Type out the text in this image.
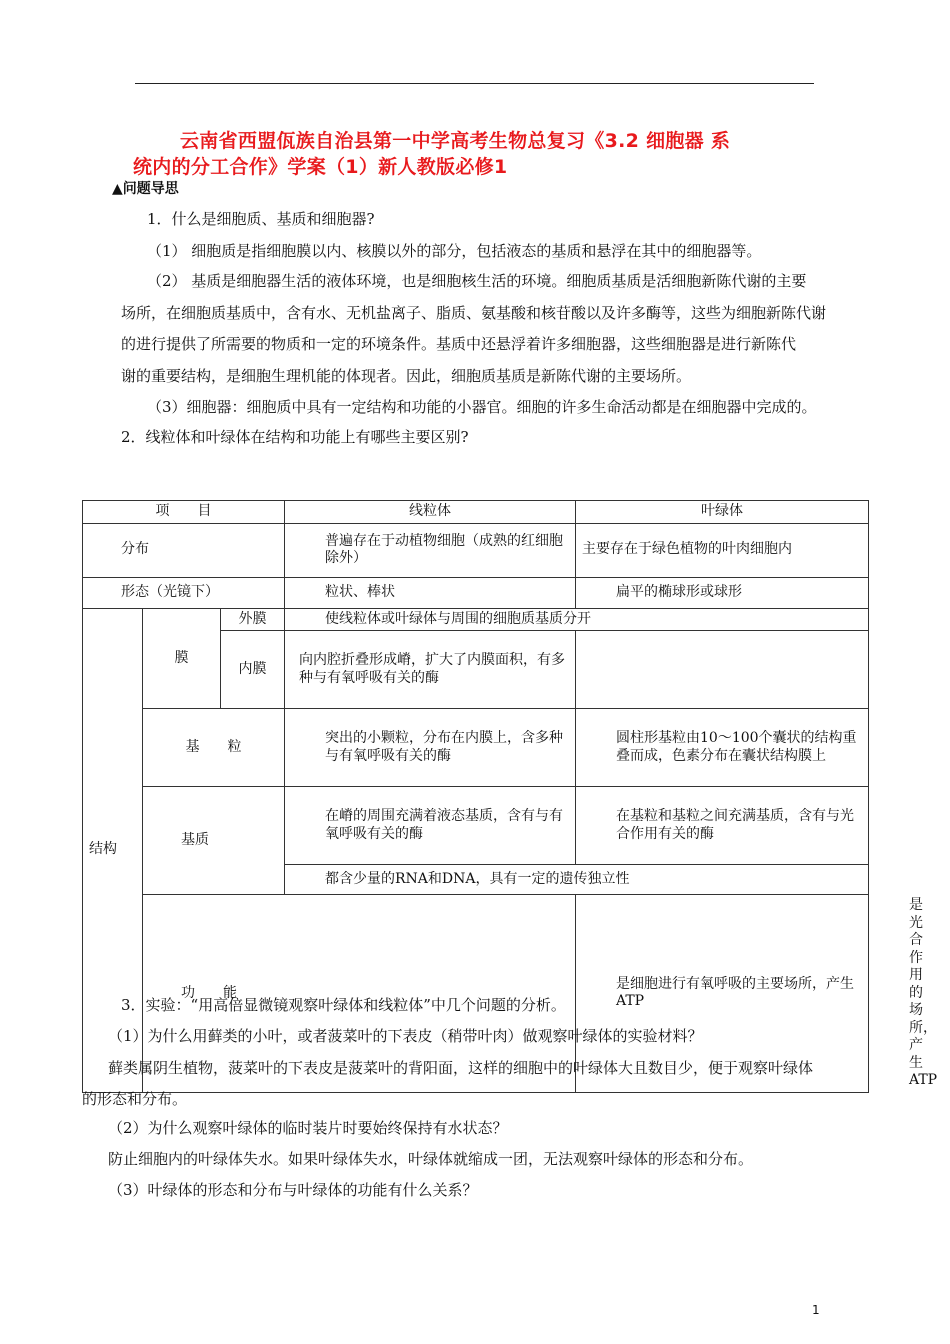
云南省西盟佤族自治县第一中学高考生物总复习《3.2 细胞器 系
统内的分工合作》学案（1）新人教版必修1
▲问题导思
1．什么是细胞质、基质和细胞器?
（1） 细胞质是指细胞膜以内、核膜以外的部分，包括液态的基质和悬浮在其中的细胞器等。
（2） 基质是细胞器生活的液体环境，也是细胞核生活的环境。细胞质基质是活细胞新陈代谢的主要
场所，在细胞质基质中，含有水、无机盐离子、脂质、氨基酸和核苷酸以及许多酶等，这些为细胞新陈代谢
的进行提供了所需要的物质和一定的环境条件。基质中还悬浮着许多细胞器，这些细胞器是进行新陈代
谢的重要结构，是细胞生理机能的体现者。因此，细胞质基质是新陈代谢的主要场所。
（3）细胞器：细胞质中具有一定结构和功能的小器官。细胞的许多生命活动都是在细胞器中完成的。
2．线粒体和叶绿体在结构和功能上有哪些主要区别?
项　　目			线粒体	叶绿体	
分布			普遍存在于动植物细胞（成熟的红细胞除外）	主要存在于绿色植物的叶肉细胞内	
形态（光镜下）			粒状、棒状	扁平的椭球形或球形	
结构	膜	外膜	使线粒体或叶绿体与周围的细胞质基质分开		
		内膜	向内腔折叠形成嵴，扩大了内膜面积，有多种与有氧呼吸有关的酶		
	基　　粒		突出的小颗粒，分布在内膜上，含多种与有氧呼吸有关的酶	圆柱形基粒由10～100个囊状的结构重叠而成，色素分布在囊状结构膜上	
	基质		在嵴的周围充满着液态基质，含有与有氧呼吸有关的酶	在基粒和基粒之间充满基质，含有与光合作用有关的酶	
			都含少量的RNA和DNA，具有一定的遗传独立性		
	功　　能			是细胞进行有氧呼吸的主要场所，产生ATP	是光合作用的场所，产生ATP
3．实验：“用高倍显微镜观察叶绿体和线粒体”中几个问题的分析。
（1）为什么用藓类的小叶，或者菠菜叶的下表皮（稍带叶肉）做观察叶绿体的实验材料？
藓类属阴生植物，菠菜叶的下表皮是菠菜叶的背阳面，这样的细胞中的叶绿体大且数目少，便于观察叶绿体
的形态和分布。
（2）为什么观察叶绿体的临时装片时要始终保持有水状态？
防止细胞内的叶绿体失水。如果叶绿体失水，叶绿体就缩成一团，无法观察叶绿体的形态和分布。
（3）叶绿体的形态和分布与叶绿体的功能有什么关系？
1
